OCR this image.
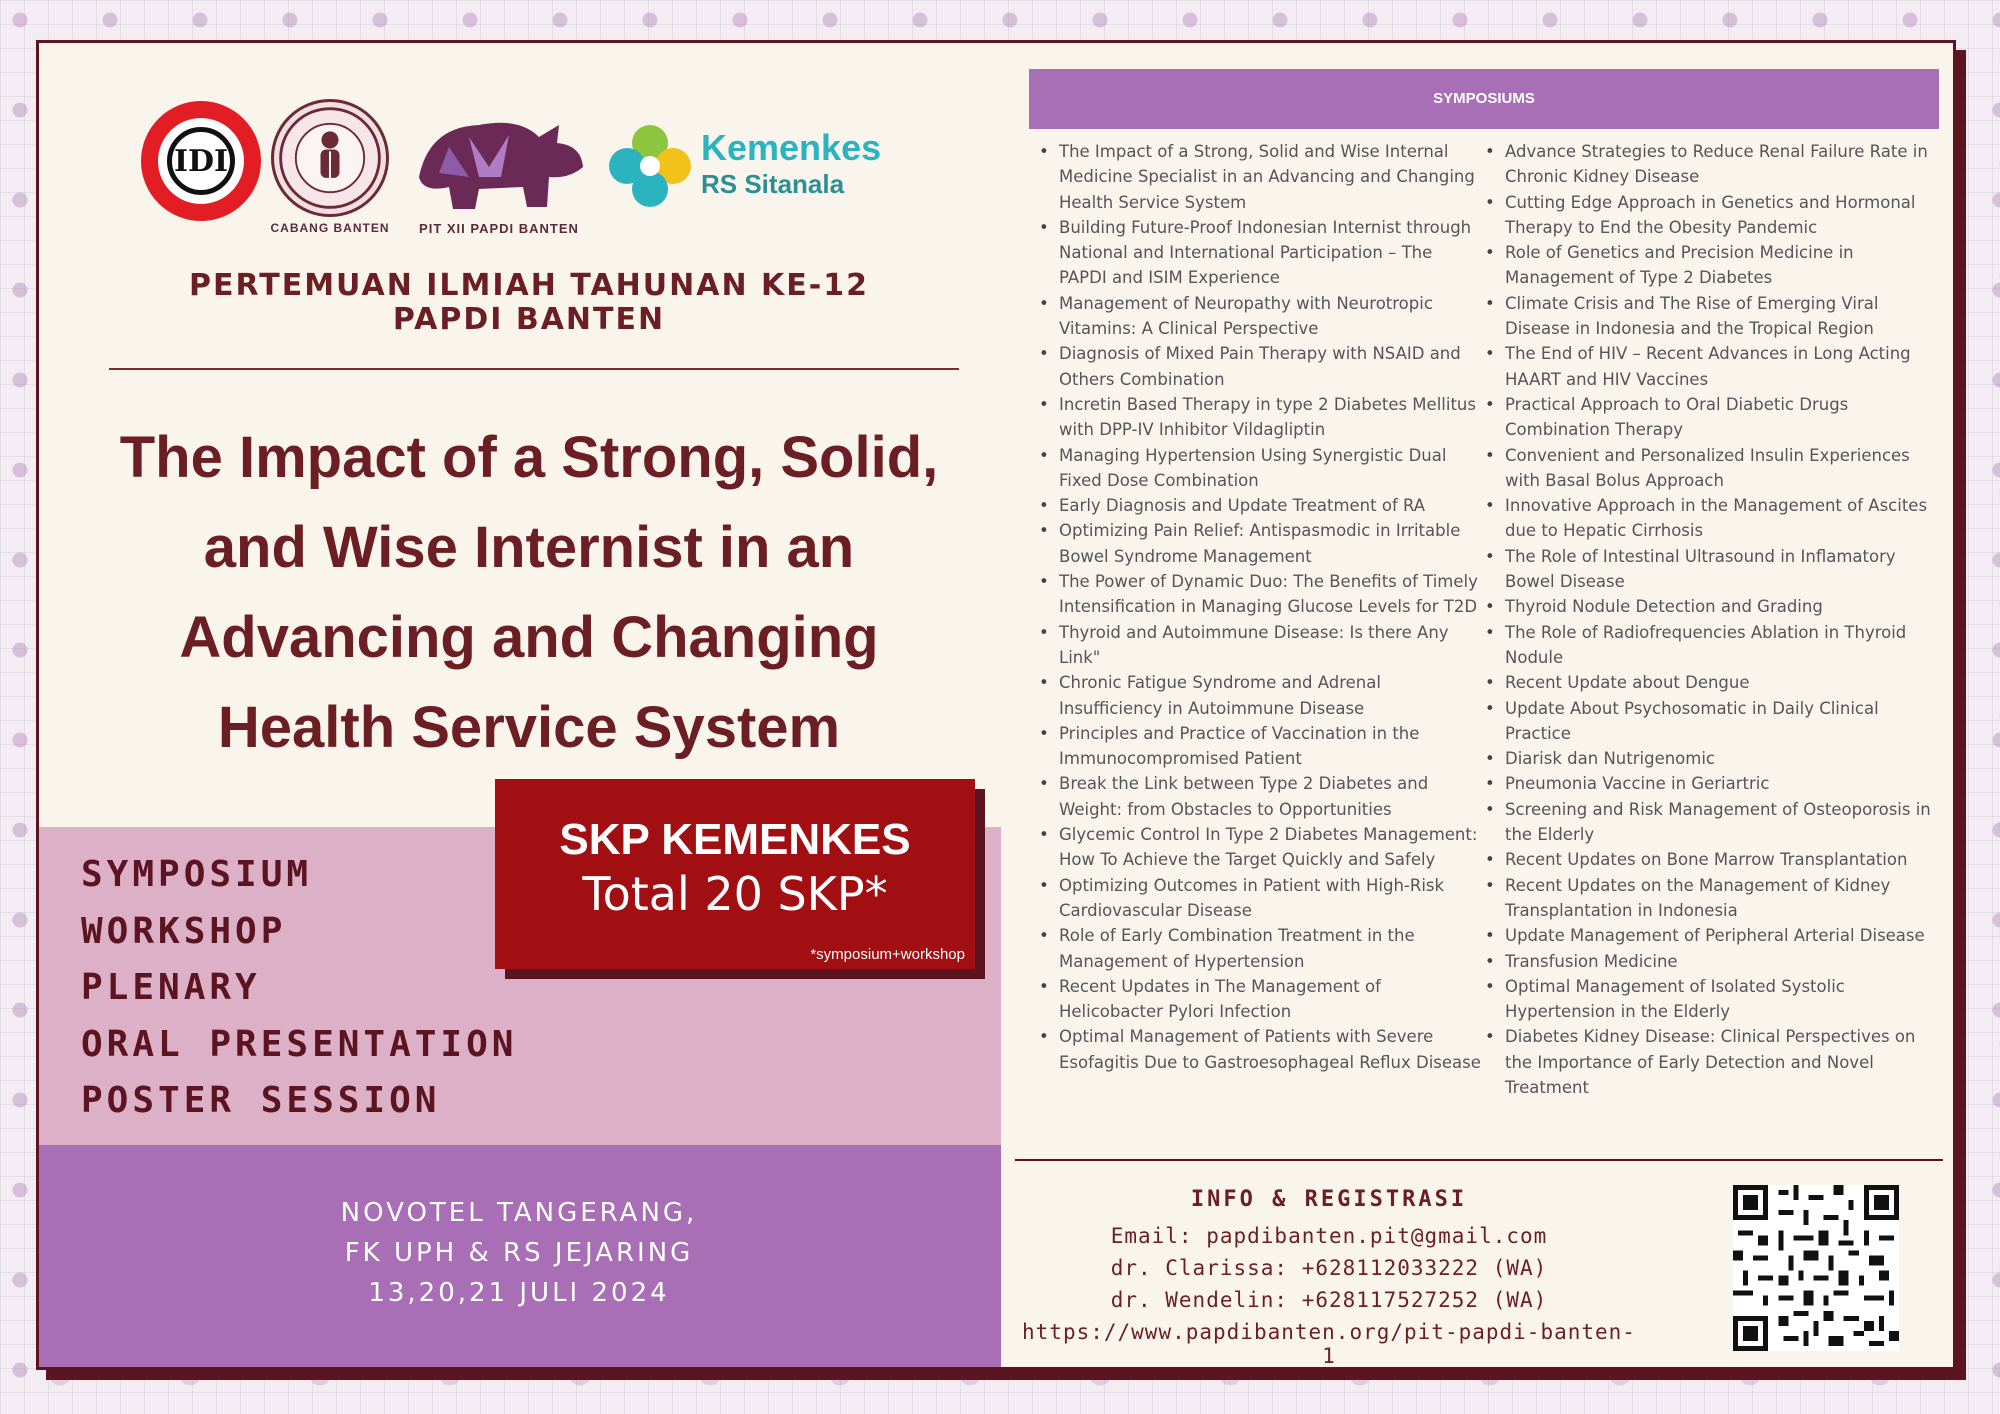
IDI
CABANG BANTEN	PIT XII PAPDI BANTEN
Kemenkes
RS Sitanala
PERTEMUAN ILMIAH TAHUNAN KE-12
PAPDI BANTEN
The Impact of a Strong, Solid, and Wise Internist in an Advancing and Changing Health Service System
SYMPOSIUM
WORKSHOP
PLENARY
ORAL PRESENTATION
POSTER SESSION
SKP KEMENKES
Total 20 SKP*
*symposium+workshop
NOVOTEL TANGERANG,
FK UPH & RS JEJARING
13,20,21 JULI 2024
SYMPOSIUMS
• The Impact of a Strong, Solid and Wise Internal Medicine Specialist in an Advancing and Changing Health Service System
• Building Future-Proof Indonesian Internist through National and International Participation – The PAPDI and ISIM Experience
• Management of Neuropathy with Neurotropic Vitamins: A Clinical Perspective
• Diagnosis of Mixed Pain Therapy with NSAID and Others Combination
• Incretin Based Therapy in type 2 Diabetes Mellitus with DPP-IV Inhibitor Vildagliptin
• Managing Hypertension Using Synergistic Dual Fixed Dose Combination
• Early Diagnosis and Update Treatment of RA
• Optimizing Pain Relief: Antispasmodic in Irritable Bowel Syndrome Management
• The Power of Dynamic Duo: The Benefits of Timely Intensification in Managing Glucose Levels for T2D
• Thyroid and Autoimmune Disease: Is there Any Link"
• Chronic Fatigue Syndrome and Adrenal Insufficiency in Autoimmune Disease
• Principles and Practice of Vaccination in the Immunocompromised Patient
• Break the Link between Type 2 Diabetes and Weight: from Obstacles to Opportunities
• Glycemic Control In Type 2 Diabetes Management: How To Achieve the Target Quickly and Safely
• Optimizing Outcomes in Patient with High-Risk Cardiovascular Disease
• Role of Early Combination Treatment in the Management of Hypertension
• Recent Updates in The Management of Helicobacter Pylori Infection
• Optimal Management of Patients with Severe Esofagitis Due to Gastroesophageal Reflux Disease
• Advance Strategies to Reduce Renal Failure Rate in Chronic Kidney Disease
• Cutting Edge Approach in Genetics and Hormonal Therapy to End the Obesity Pandemic
• Role of Genetics and Precision Medicine in Management of Type 2 Diabetes
• Climate Crisis and The Rise of Emerging Viral Disease in Indonesia and the Tropical Region
• The End of HIV – Recent Advances in Long Acting HAART and HIV Vaccines
• Practical Approach to Oral Diabetic Drugs Combination Therapy
• Convenient and Personalized Insulin Experiences with Basal Bolus Approach
• Innovative Approach in the Management of Ascites due to Hepatic Cirrhosis
• The Role of Intestinal Ultrasound in Inflamatory Bowel Disease
• Thyroid Nodule Detection and Grading
• The Role of Radiofrequencies Ablation in Thyroid Nodule
• Recent Update about Dengue
• Update About Psychosomatic in Daily Clinical Practice
• Diarisk dan Nutrigenomic
• Pneumonia Vaccine in Geriartric
• Screening and Risk Management of Osteoporosis in the Elderly
• Recent Updates on Bone Marrow Transplantation
• Recent Updates on the Management of Kidney Transplantation in Indonesia
• Update Management of Peripheral Arterial Disease
• Transfusion Medicine
• Optimal Management of Isolated Systolic Hypertension in the Elderly
• Diabetes Kidney Disease: Clinical Perspectives on the Importance of Early Detection and Novel Treatment
INFO & REGISTRASI
Email: papdibanten.pit@gmail.com
dr. Clarissa: +628112033222 (WA)
dr. Wendelin: +628117527252 (WA)
https://www.papdibanten.org/pit-papdi-banten-1
